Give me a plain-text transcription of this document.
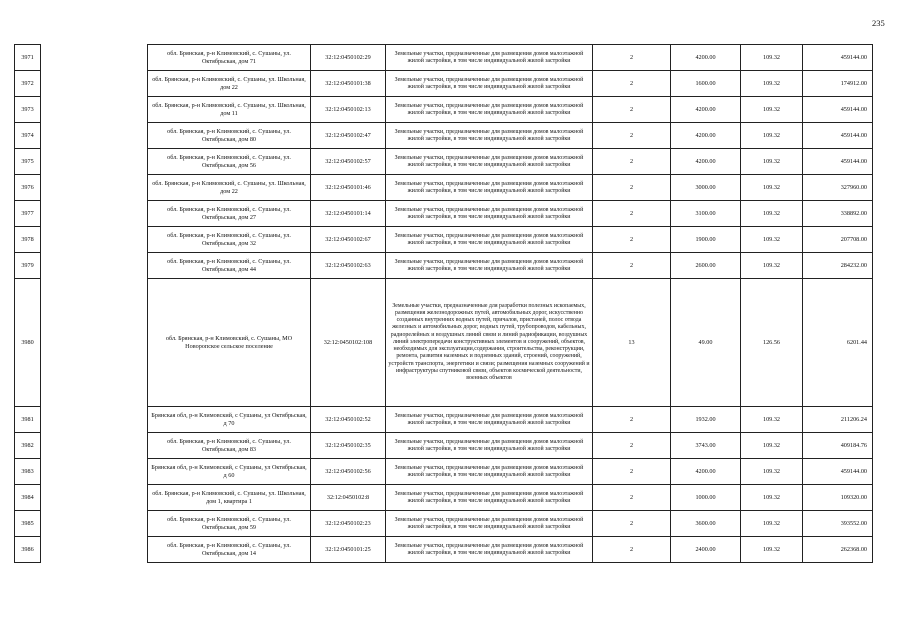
235
3971		обл. Брянская, р-н Климовский, с. Сушаны, ул. Октябрьская, дом 71	32:12:0450102:29	Земельные участки, предназначенные для размещения домов малоэтажной жилой застройки, в том числе индивидуальной жилой застройки	2	4200.00	109.32	459144.00
3972		обл. Брянская, р-н Климовский, с. Сушаны, ул. Школьная, дом 22	32:12:0450101:38	Земельные участки, предназначенные для размещения домов малоэтажной жилой застройки, в том числе индивидуальной жилой застройки	2	1600.00	109.32	174912.00
3973		обл. Брянская, р-н Климовский, с. Сушаны, ул. Школьная, дом 11	32:12:0450102:13	Земельные участки, предназначенные для размещения домов малоэтажной жилой застройки, в том числе индивидуальной жилой застройки	2	4200.00	109.32	459144.00
3974		обл. Брянская, р-н Климовский, с. Сушаны, ул. Октябрьская, дом 80	32:12:0450102:47	Земельные участки, предназначенные для размещения домов малоэтажной жилой застройки, в том числе индивидуальной жилой застройки	2	4200.00	109.32	459144.00
3975		обл. Брянская, р-н Климовский, с. Сушаны, ул. Октябрьская, дом 56	32:12:0450102:57	Земельные участки, предназначенные для размещения домов малоэтажной жилой застройки, в том числе индивидуальной жилой застройки	2	4200.00	109.32	459144.00
3976		обл. Брянская, р-н Климовский, с. Сушаны, ул. Школьная, дом 22	32:12:0450101:46	Земельные участки, предназначенные для размещения домов малоэтажной жилой застройки, в том числе индивидуальной жилой застройки	2	3000.00	109.32	327960.00
3977		обл. Брянская, р-н Климовский, с. Сушаны, ул. Октябрьская, дом 27	32:12:0450101:14	Земельные участки, предназначенные для размещения домов малоэтажной жилой застройки, в том числе индивидуальной жилой застройки	2	3100.00	109.32	338892.00
3978		обл. Брянская, р-н Климовский, с. Сушаны, ул. Октябрьская, дом 32	32:12:0450102:67	Земельные участки, предназначенные для размещения домов малоэтажной жилой застройки, в том числе индивидуальной жилой застройки	2	1900.00	109.32	207708.00
3979		обл. Брянская, р-н Климовский, с. Сушаны, ул. Октябрьская, дом 44	32:12:0450102:63	Земельные участки, предназначенные для размещения домов малоэтажной жилой застройки, в том числе индивидуальной жилой застройки	2	2600.00	109.32	284232.00
3980		обл. Брянская, р-н Климовский, с. Сушаны, МО Новоропское сельское поселение	32:12:0450102:108	Земельные участки, предназначенные для разработки полезных ископаемых, размещения железнодорожных путей, автомобильных дорог, искусственно созданных внутренних водных путей, причалов, пристаней, полос отвода железных и автомобильных дорог, водных путей, трубопроводов, кабельных, радиорелейных и воздушных линий связи и линий радиофикации, воздушных линий электропередачи конструктивных элементов и сооружений, объектов, необходимых для эксплуатации,содержания, строительства, реконструкции, ремонта, развития наземных и подземных зданий, строений, сооружений, устройств транспорта, энергетики и связи; размещения наземных сооружений и инфраструктуры спутниковой связи, объектов космической деятельности, военных объектов	13	49.00	126.56	6201.44
3981		Брянская обл, р-н Климовский, с Сушаны, ул Октябрьская, д 70	32:12:0450102:52	Земельные участки, предназначенные для размещения домов малоэтажной жилой застройки, в том числе индивидуальной жилой застройки	2	1932.00	109.32	211206.24
3982		обл. Брянская, р-н Климовский, с. Сушаны, ул. Октябрьская, дом 83	32:12:0450102:35	Земельные участки, предназначенные для размещения домов малоэтажной жилой застройки, в том числе индивидуальной жилой застройки	2	3743.00	109.32	409184.76
3983		Брянская обл, р-н Климовский, с Сушаны, ул Октябрьская, д 60	32:12:0450102:56	Земельные участки, предназначенные для размещения домов малоэтажной жилой застройки, в том числе индивидуальной жилой застройки	2	4200.00	109.32	459144.00
3984		обл. Брянская, р-н Климовский, с. Сушаны, ул. Школьная, дом 1, квартира 1	32:12:0450102:8	Земельные участки, предназначенные для размещения домов малоэтажной жилой застройки, в том числе индивидуальной жилой застройки	2	1000.00	109.32	109320.00
3985		обл. Брянская, р-н Климовский, с. Сушаны, ул. Октябрьская, дом 59	32:12:0450102:23	Земельные участки, предназначенные для размещения домов малоэтажной жилой застройки, в том числе индивидуальной жилой застройки	2	3600.00	109.32	393552.00
3986		обл. Брянская, р-н Климовский, с. Сушаны, ул. Октябрьская, дом 14	32:12:0450101:25	Земельные участки, предназначенные для размещения домов малоэтажной жилой застройки, в том числе индивидуальной жилой застройки	2	2400.00	109.32	262368.00
